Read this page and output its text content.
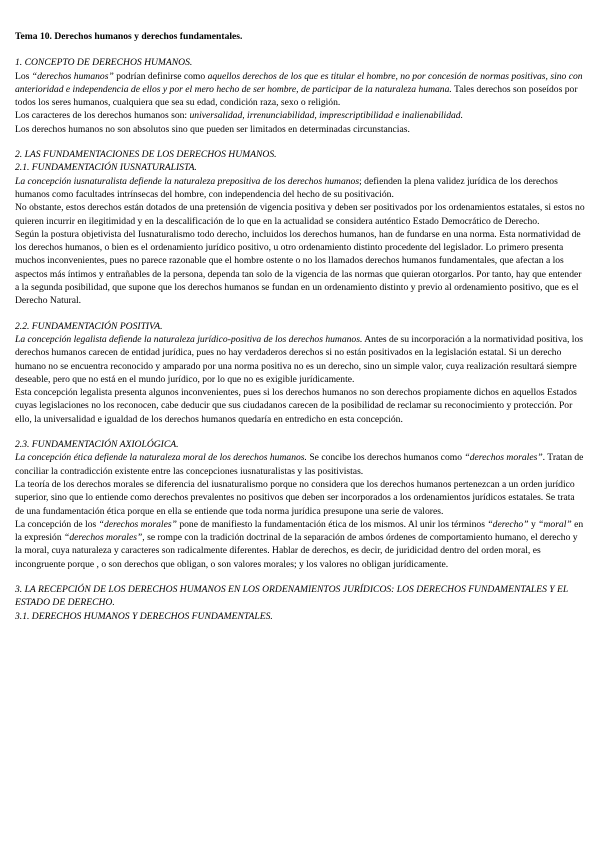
Tema 10. Derechos humanos y derechos fundamentales.

1. CONCEPTO DE DERECHOS HUMANOS.

Los “derechos humanos” podrían definirse como aquellos derechos de los que es titular el hombre, no por concesión de normas positivas, sino con anterioridad e independencia de ellos y por el mero hecho de ser hombre, de participar de la naturaleza humana. Tales derechos son poseídos por todos los seres humanos, cualquiera que sea su edad, condición raza, sexo o religión.

Los caracteres de los derechos humanos son: universalidad, irrenunciabilidad, imprescriptibilidad e inalienabilidad.

Los derechos humanos no son absolutos sino que pueden ser limitados en determinadas circunstancias.

2. LAS FUNDAMENTACIONES DE LOS DERECHOS HUMANOS.

2.1. FUNDAMENTACIÓN IUSNATURALISTA.

La concepción iusnaturalista defiende la naturaleza prepositiva de los derechos humanos; defienden la plena validez jurídica de los derechos humanos como facultades intrínsecas del hombre, con independencia del hecho de su positivación.

No obstante, estos derechos están dotados de una pretensión de vigencia positiva y deben ser positivados por los ordenamientos estatales, si estos no quieren incurrir en ilegitimidad y en la descalificación de lo que en la actualidad se considera auténtico Estado Democrático de Derecho.

Según la postura objetivista del Iusnaturalismo todo derecho, incluidos los derechos humanos, han de fundarse en una norma. Esta normatividad de los derechos humanos, o bien es el ordenamiento jurídico positivo, u otro ordenamiento distinto procedente del legislador. Lo primero presenta muchos inconvenientes, pues no parece razonable que el hombre ostente o no los llamados derechos humanos fundamentales, que afectan a los aspectos más íntimos y entrañables de la persona, dependa tan solo de la vigencia de las normas que quieran otorgarlos. Por tanto, hay que entender a la segunda posibilidad, que supone que los derechos humanos se fundan en un ordenamiento distinto y previo al ordenamiento positivo, que es el Derecho Natural.

2.2. FUNDAMENTACIÓN POSITIVA.

La concepción legalista defiende la naturaleza jurídico-positiva de los derechos humanos. Antes de su incorporación a la normatividad positiva, los derechos humanos carecen de entidad jurídica, pues no hay verdaderos derechos si no están positivados en la legislación estatal. Si un derecho humano no se encuentra reconocido y amparado por una norma positiva no es un derecho, sino un simple valor, cuya realización resultará siempre deseable, pero que no está en el mundo jurídico, por lo que no es exigible jurídicamente.

Esta concepción legalista presenta algunos inconvenientes, pues si los derechos humanos no son derechos propiamente dichos en aquellos Estados cuyas legislaciones no los reconocen, cabe deducir que sus ciudadanos carecen de la posibilidad de reclamar su reconocimiento y protección. Por ello, la universalidad e igualdad de los derechos humanos quedaría en entredicho en esta concepción.

2.3. FUNDAMENTACIÓN AXIOLÓGICA.

La concepción ética defiende la naturaleza moral de los derechos humanos. Se concibe los derechos humanos como “derechos morales”. Tratan de conciliar la contradicción existente entre las concepciones iusnaturalistas y las positivistas.

La teoría de los derechos morales se diferencia del iusnaturalismo porque no considera que los derechos humanos pertenezcan a un orden jurídico superior, sino que lo entiende como derechos prevalentes no positivos que deben ser incorporados a los ordenamientos jurídicos estatales. Se trata de una fundamentación ética porque en ella se entiende que toda norma jurídica presupone una serie de valores.

La concepción de los “derechos morales” pone de manifiesto la fundamentación ética de los mismos. Al unir los términos “derecho” y “moral” en la expresión “derechos morales”, se rompe con la tradición doctrinal de la separación de ambos órdenes de comportamiento humano, el derecho y la moral, cuya naturaleza y caracteres son radicalmente diferentes. Hablar de derechos, es decir, de juridicidad dentro del orden moral, es incongruente porque , o son derechos que obligan, o son valores morales; y los valores no obligan jurídicamente.

3. LA RECEPCIÓN DE LOS DERECHOS HUMANOS EN LOS ORDENAMIENTOS JURÍDICOS: LOS DERECHOS FUNDAMENTALES Y EL ESTADO DE DERECHO.

3.1. DERECHOS HUMANOS Y DERECHOS FUNDAMENTALES.
